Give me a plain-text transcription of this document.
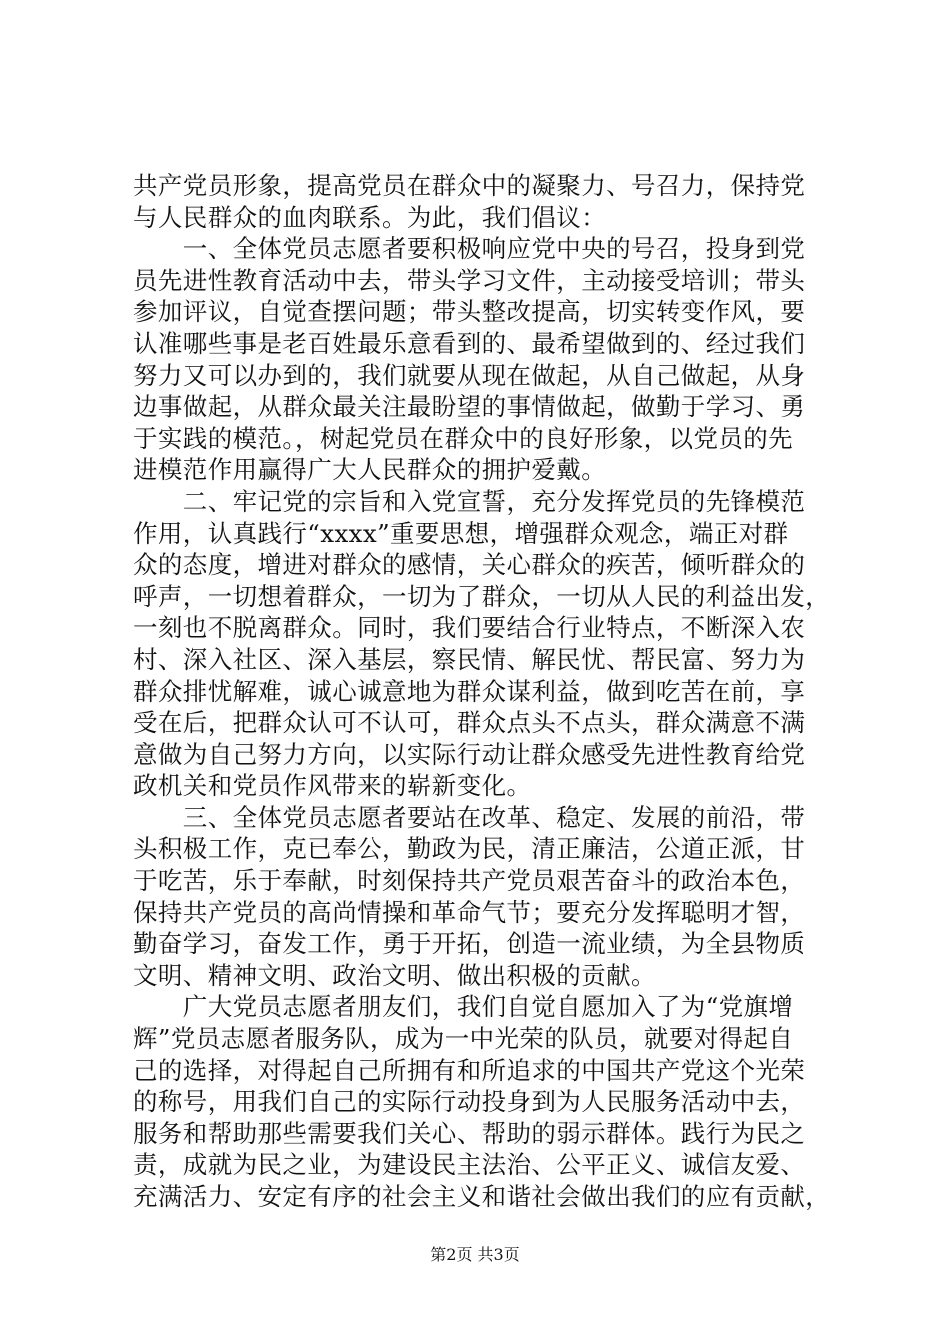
共产党员形象，提高党员在群众中的凝聚力、号召力，保持党
与人民群众的血肉联系。为此，我们倡议：
　　一、全体党员志愿者要积极响应党中央的号召，投身到党
员先进性教育活动中去，带头学习文件，主动接受培训；带头
参加评议，自觉查摆问题；带头整改提高，切实转变作风，要
认准哪些事是老百姓最乐意看到的、最希望做到的、经过我们
努力又可以办到的，我们就要从现在做起，从自己做起，从身
边事做起，从群众最关注最盼望的事情做起，做勤于学习、勇
于实践的模范。，树起党员在群众中的良好形象，以党员的先
进模范作用赢得广大人民群众的拥护爱戴。
　　二、牢记党的宗旨和入党宣誓，充分发挥党员的先锋模范
作用，认真践行“xxxx”重要思想，增强群众观念，端正对群
众的态度，增进对群众的感情，关心群众的疾苦，倾听群众的
呼声，一切想着群众，一切为了群众，一切从人民的利益出发，
一刻也不脱离群众。同时，我们要结合行业特点，不断深入农
村、深入社区、深入基层，察民情、解民忧、帮民富、努力为
群众排忧解难，诚心诚意地为群众谋利益，做到吃苦在前，享
受在后，把群众认可不认可，群众点头不点头，群众满意不满
意做为自己努力方向，以实际行动让群众感受先进性教育给党
政机关和党员作风带来的崭新变化。
　　三、全体党员志愿者要站在改革、稳定、发展的前沿，带
头积极工作，克已奉公，勤政为民，清正廉洁，公道正派，甘
于吃苦，乐于奉献，时刻保持共产党员艰苦奋斗的政治本色，
保持共产党员的高尚情操和革命气节；要充分发挥聪明才智，
勤奋学习，奋发工作，勇于开拓，创造一流业绩，为全县物质
文明、精神文明、政治文明、做出积极的贡献。
　　广大党员志愿者朋友们，我们自觉自愿加入了为“党旗增
辉”党员志愿者服务队，成为一中光荣的队员，就要对得起自
己的选择，对得起自己所拥有和所追求的中国共产党这个光荣
的称号，用我们自己的实际行动投身到为人民服务活动中去，
服务和帮助那些需要我们关心、帮助的弱示群体。践行为民之
责，成就为民之业，为建设民主法治、公平正义、诚信友爱、
充满活力、安定有序的社会主义和谐社会做出我们的应有贡献，
第2页 共3页
